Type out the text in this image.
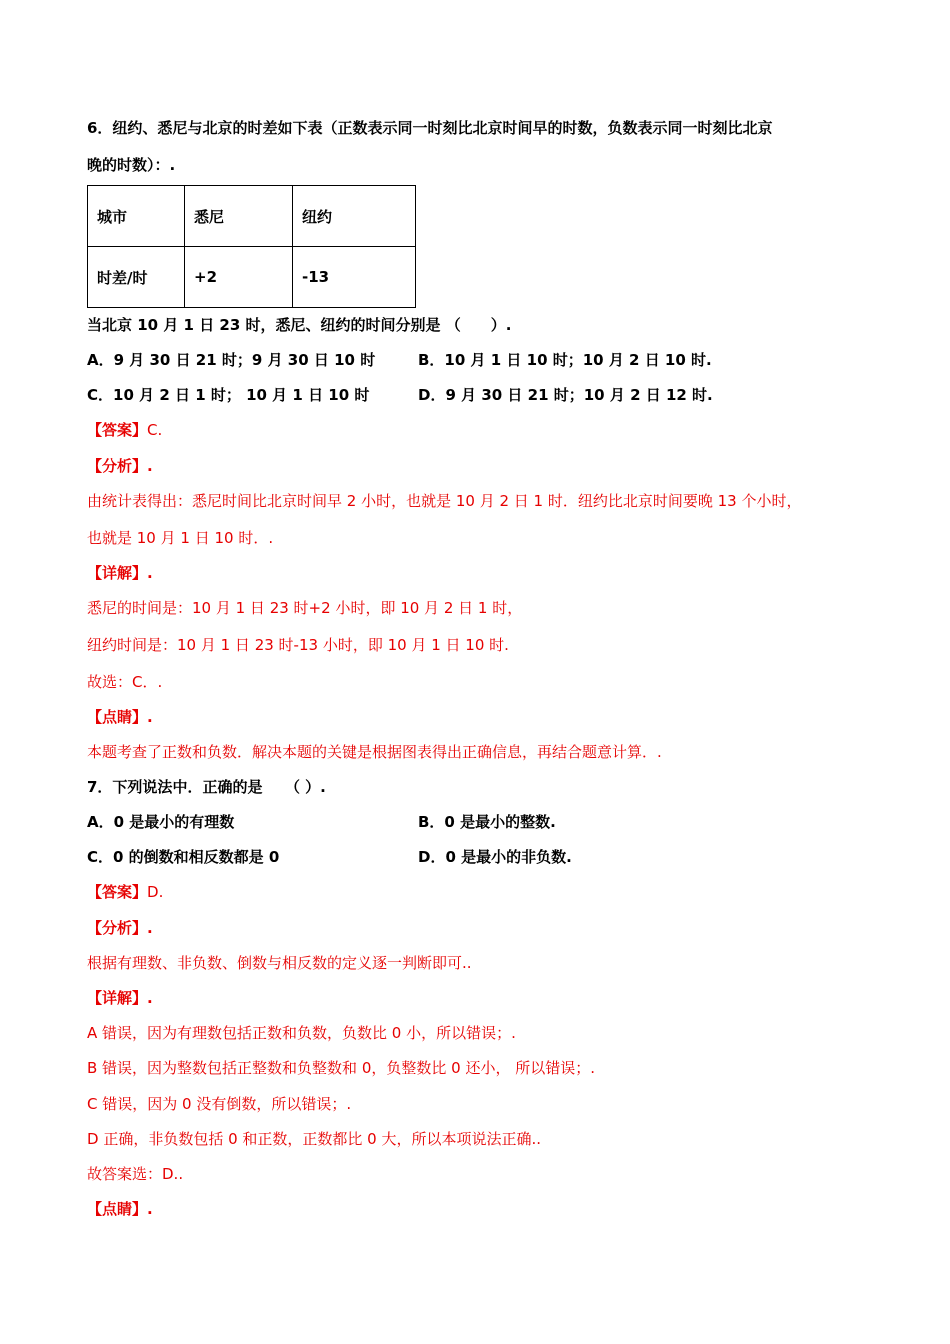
6．纽约、悉尼与北京的时差如下表（正数表示同一时刻比北京时间早的时数，负数表示同一时刻比北京
晚的时数）：.
城市	悉尼	纽约
时差/时	+2	-13
当北京 10 月 1 日 23 时，悉尼、纽约的时间分别是 （　　）.
A．9 月 30 日 21 时；9 月 30 日 10 时	B．10 月 1 日 10 时；10 月 2 日 10 时.
C．10 月 2 日 1 时； 10 月 1 日 10 时	D．9 月 30 日 21 时；10 月 2 日 12 时.
【答案】C.
【分析】.
由统计表得出：悉尼时间比北京时间早 2 小时，也就是 10 月 2 日 1 时．纽约比北京时间要晚 13 个小时，
也就是 10 月 1 日 10 时．.
【详解】.
悉尼的时间是：10 月 1 日 23 时+2 小时，即 10 月 2 日 1 时，
纽约时间是：10 月 1 日 23 时-13 小时，即 10 月 1 日 10 时.
故选：C．.
【点睛】.
本题考查了正数和负数．解决本题的关键是根据图表得出正确信息，再结合题意计算．.
7．下列说法中．正确的是　　（ ）.
A．0 是最小的有理数	B．0 是最小的整数.
C．0 的倒数和相反数都是 0	D．0 是最小的非负数.
【答案】D.
【分析】.
根据有理数、非负数、倒数与相反数的定义逐一判断即可..
【详解】.
A 错误，因为有理数包括正数和负数，负数比 0 小，所以错误；.
B 错误，因为整数包括正整数和负整数和 0，负整数比 0 还小， 所以错误；.
C 错误，因为 0 没有倒数，所以错误；.
D 正确，非负数包括 0 和正数，正数都比 0 大，所以本项说法正确..
故答案选：D..
【点睛】.
